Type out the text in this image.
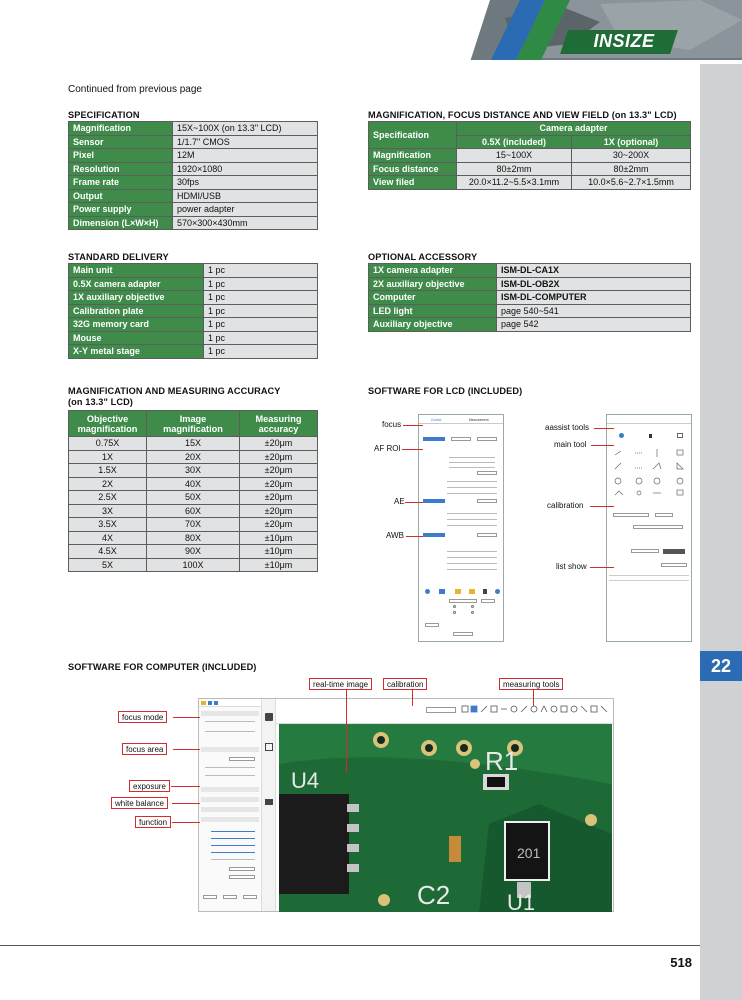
INSIZE
22
Continued from previous page
SPECIFICATION
Magnification	15X~100X (on 13.3" LCD)
Sensor	1/1.7" CMOS
Pixel	12M
Resolution	1920×1080
Frame rate	30fps
Output	HDMI/USB
Power supply	power adapter
Dimension (L×W×H)	570×300×430mm
MAGNIFICATION, FOCUS DISTANCE AND VIEW FIELD (on 13.3" LCD)
Specification	Camera adapter	
	0.5X (included)	1X (optional)
Magnification	15~100X	30~200X
Focus distance	80±2mm	80±2mm
View filed	20.0×11.2~5.5×3.1mm	10.0×5.6~2.7×1.5mm
STANDARD DELIVERY
Main unit	1 pc
0.5X camera adapter	1 pc
1X auxiliary objective	1 pc
Calibration plate	1 pc
32G memory card	1 pc
Mouse	1 pc
X-Y metal stage	1 pc
OPTIONAL ACCESSORY
1X camera adapter	ISM-DL-CA1X
2X auxiliary objective	ISM-DL-OB2X
Computer	ISM-DL-COMPUTER
LED light	page 540~541
Auxiliary objective	page 542
MAGNIFICATION AND MEASURING ACCURACY
(on 13.3" LCD)
Objective magnification	Image magnification	Measuring accuracy
0.75X	15X	±20μm
1X	20X	±20μm
1.5X	30X	±20μm
2X	40X	±20μm
2.5X	50X	±20μm
3X	60X	±20μm
3.5X	70X	±20μm
4X	80X	±10μm
4.5X	90X	±10μm
5X	100X	±10μm
SOFTWARE FOR LCD (INCLUDED)
Control	Measurement
focus
AF ROI
AE
AWB
aassist tools
main tool
calibration
list show
SOFTWARE FOR COMPUTER (INCLUDED)
U4
R1
C2	U1
201
focus mode
focus area
exposure
white balance
function
real-time image	calibration	measuring tools
518
